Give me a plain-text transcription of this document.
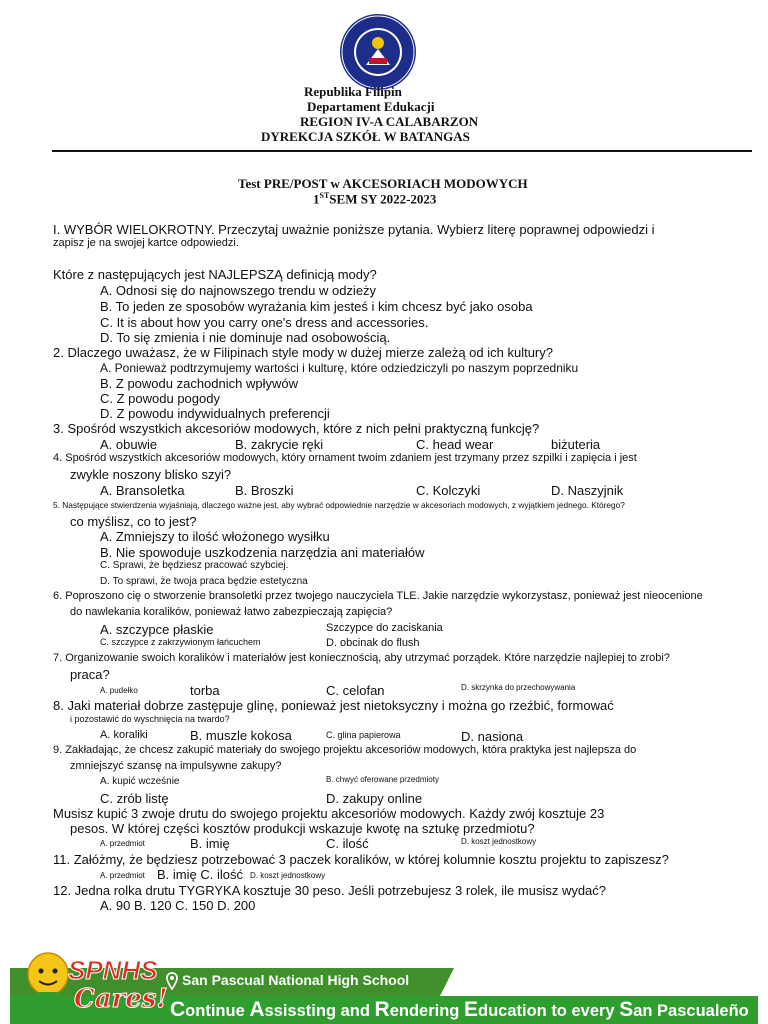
Republika Filipin
Departament Edukacji
REGION IV-A CALABARZON
DYREKCJA SZKÓŁ W BATANGAS
Test PRE/POST w AKCESORIACH MODOWYCH
1STSEM SY 2022-2023
I. WYBÓR WIELOKROTNY. Przeczytaj uważnie poniższe pytania. Wybierz literę poprawnej odpowiedzi i
zapisz je na swojej kartce odpowiedzi.
Które z następujących jest NAJLEPSZĄ definicją mody?
A. Odnosi się do najnowszego trendu w odzieży
B. To jeden ze sposobów wyrażania kim jesteś i kim chcesz być jako osoba
C. It is about how you carry one's dress and accessories.
D. To się zmienia i nie dominuje nad osobowością.
2. Dlaczego uważasz, że w Filipinach style mody w dużej mierze zależą od ich kultury?
A. Ponieważ podtrzymujemy wartości i kulturę, które odziedziczyli po naszym poprzedniku
B. Z powodu zachodnich wpływów
C. Z powodu pogody
D. Z powodu indywidualnych preferencji
3. Spośród wszystkich akcesoriów modowych, które z nich pełni praktyczną funkcję?
A. obuwie	B. zakrycie ręki	C. head wear	biżuteria
4. Spośród wszystkich akcesoriów modowych, który ornament twoim zdaniem jest trzymany przez szpilki i zapięcia i jest
zwykle noszony blisko szyi?
A. Bransoletka	B. Broszki	C. Kolczyki	D. Naszyjnik
5. Następujące stwierdzenia wyjaśniają, dlaczego ważne jest, aby wybrać odpowiednie narzędzie w akcesoriach modowych, z wyjątkiem jednego. Którego?
co myślisz, co to jest?
A. Zmniejszy to ilość włożonego wysiłku
B. Nie spowoduje uszkodzenia narzędzia ani materiałów
C. Sprawi, że będziesz pracować szybciej.
D. To sprawi, że twoja praca będzie estetyczna
6. Poproszono cię o stworzenie bransoletki przez twojego nauczyciela TLE. Jakie narzędzie wykorzystasz, ponieważ jest nieocenione
do nawlekania koralików, ponieważ łatwo zabezpieczają zapięcia?
A. szczypce płaskie	Szczypce do zaciskania
C. szczypce z zakrzywionym łańcuchem	D. obcinak do flush
7. Organizowanie swoich koralików i materiałów jest koniecznością, aby utrzymać porządek. Które narzędzie najlepiej to zrobi?
praca?
A. pudełko	torba	C. celofan	D. skrzynka do przechowywania
8. Jaki materiał dobrze zastępuje glinę, ponieważ jest nietoksyczny i można go rzeźbić, formować
i pozostawić do wyschnięcia na twardo?
A. koraliki	B. muszle kokosa	C. glina papierowa	D. nasiona
9. Zakładając, że chcesz zakupić materiały do swojego projektu akcesoriów modowych, która praktyka jest najlepsza do
zmniejszyć szansę na impulsywne zakupy?
A. kupić wcześnie	B. chwyć oferowane przedmioty
C. zrób listę	D. zakupy online
Musisz kupić 3 zwoje drutu do swojego projektu akcesoriów modowych. Każdy zwój kosztuje 23
pesos. W której części kosztów produkcji wskazuje kwotę na sztukę przedmiotu?
A. przedmiot	B. imię	C. ilość	D. koszt jednostkowy
11. Załóżmy, że będziesz potrzebować 3 paczek koralików, w której kolumnie kosztu projektu to zapiszesz?
A. przedmiot B. imię C. ilość D. koszt jednostkowy
12. Jedna rolka drutu TYGRYKA kosztuje 30 peso. Jeśli potrzebujesz 3 rolek, ile musisz wydać?
A. 90 B. 120 C. 150 D. 200
San Pascual National High School
Continue Assissting and Rendering Education to every San Pascualeño
SPNHS
Cares!
